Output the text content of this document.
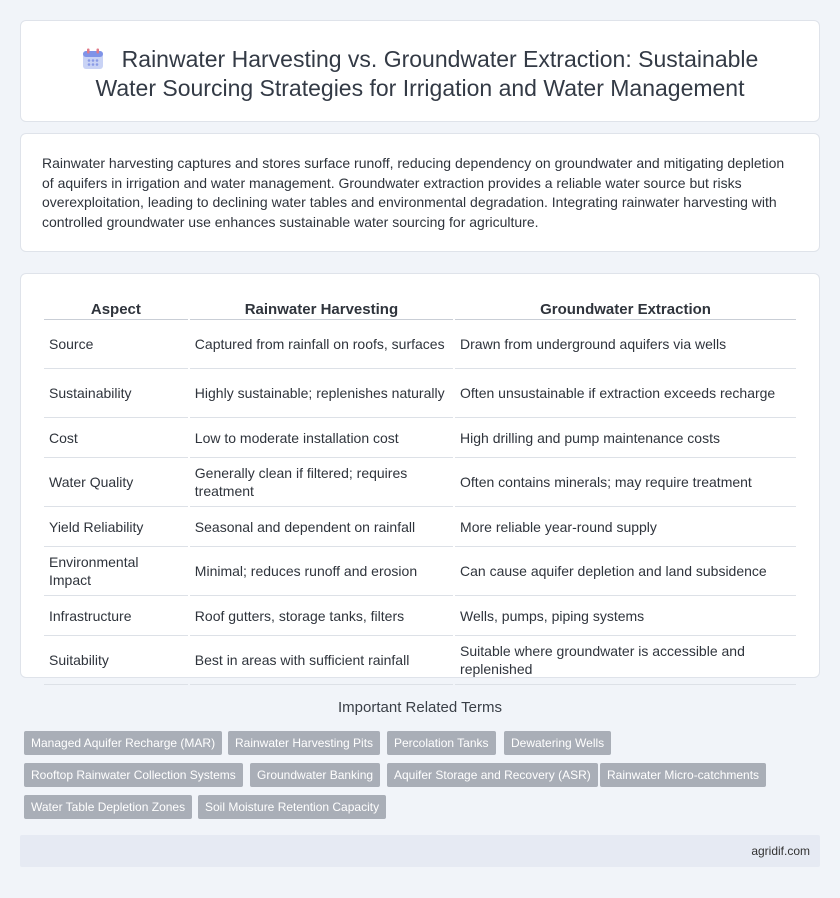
Rainwater Harvesting vs. Groundwater Extraction: Sustainable
Water Sourcing Strategies for Irrigation and Water Management

Rainwater harvesting captures and stores surface runoff, reducing dependency on groundwater and mitigating depletion of aquifers in irrigation and water management. Groundwater extraction provides a reliable water source but risks overexploitation, leading to declining water tables and environmental degradation. Integrating rainwater harvesting with controlled groundwater use enhances sustainable water sourcing for agriculture.

Aspect	Rainwater Harvesting	Groundwater Extraction
Source	Captured from rainfall on roofs, surfaces	Drawn from underground aquifers via wells
Sustainability	Highly sustainable; replenishes naturally	Often unsustainable if extraction exceeds recharge
Cost	Low to moderate installation cost	High drilling and pump maintenance costs
Water Quality	Generally clean if filtered; requires treatment	Often contains minerals; may require treatment
Yield Reliability	Seasonal and dependent on rainfall	More reliable year-round supply
Environmental Impact	Minimal; reduces runoff and erosion	Can cause aquifer depletion and land subsidence
Infrastructure	Roof gutters, storage tanks, filters	Wells, pumps, piping systems
Suitability	Best in areas with sufficient rainfall	Suitable where groundwater is accessible and replenished
Important Related Terms
Managed Aquifer Recharge (MAR)	Rainwater Harvesting Pits	Percolation Tanks	Dewatering Wells
Rooftop Rainwater Collection Systems	Groundwater Banking	Aquifer Storage and Recovery (ASR)	Rainwater Micro-catchments
Water Table Depletion Zones	Soil Moisture Retention Capacity
agridif.com
